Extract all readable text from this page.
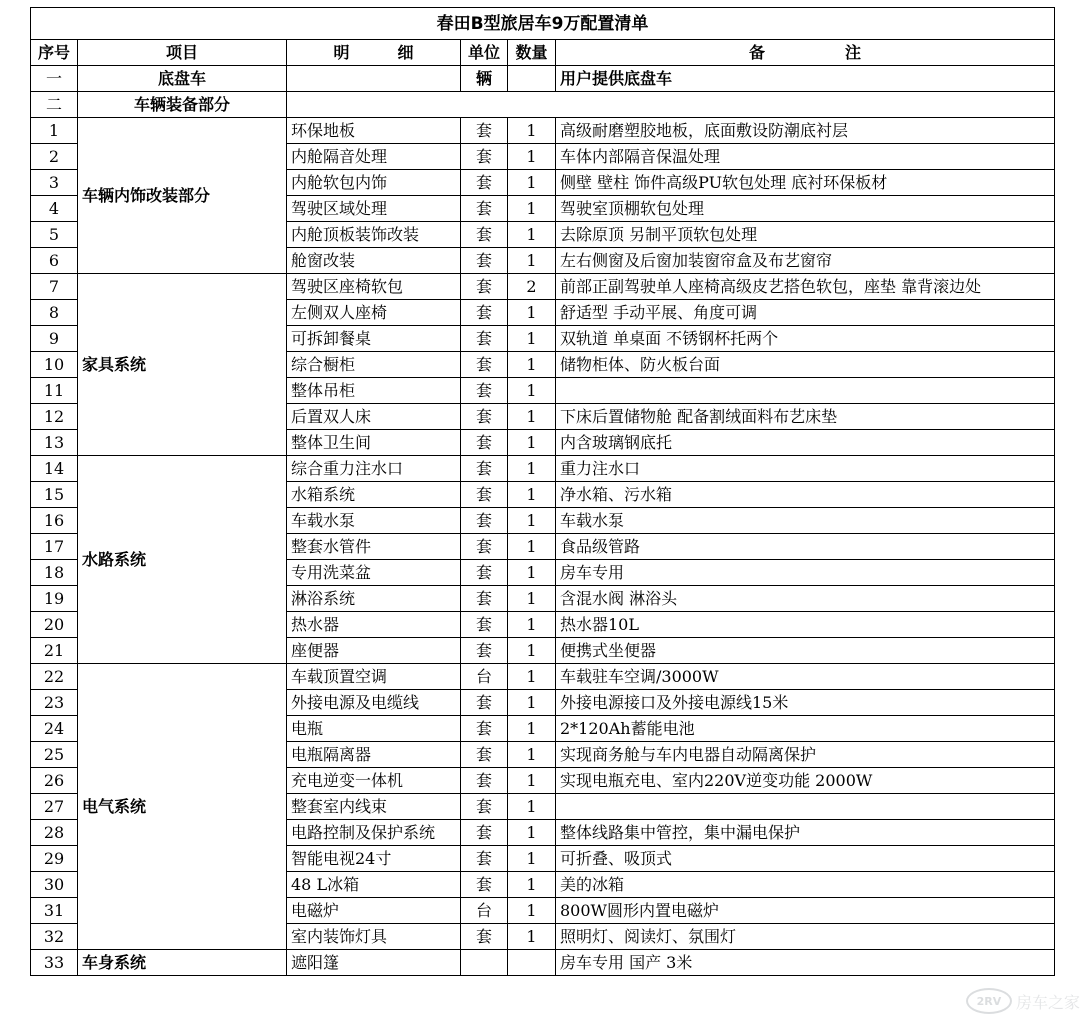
春田B型旅居车9万配置清单					
序号	项目	明　　　细	单位	数量	备　　　　　注
一	底盘车		辆		用户提供底盘车
二	车辆装备部分				
1	车辆内饰改装部分	环保地板	套	1	高级耐磨塑胶地板，底面敷设防潮底衬层
2		内舱隔音处理	套	1	车体内部隔音保温处理
3		内舱软包内饰	套	1	侧壁 壁柱 饰件高级PU软包处理 底衬环保板材
4		驾驶区域处理	套	1	驾驶室顶棚软包处理
5		内舱顶板装饰改装	套	1	去除原顶 另制平顶软包处理
6		舱窗改装	套	1	左右侧窗及后窗加装窗帘盒及布艺窗帘
7	家具系统	驾驶区座椅软包	套	2	前部正副驾驶单人座椅高级皮艺搭色软包，座垫 靠背滚边处
8		左侧双人座椅	套	1	舒适型 手动平展、角度可调
9		可拆卸餐桌	套	1	双轨道 单桌面 不锈钢杯托两个
10		综合橱柜	套	1	储物柜体、防火板台面
11		整体吊柜	套	1	
12		后置双人床	套	1	下床后置储物舱 配备割绒面料布艺床垫
13		整体卫生间	套	1	内含玻璃钢底托
14	水路系统	综合重力注水口	套	1	重力注水口
15		水箱系统	套	1	净水箱、污水箱
16		车载水泵	套	1	车载水泵
17		整套水管件	套	1	食品级管路
18		专用洗菜盆	套	1	房车专用
19		淋浴系统	套	1	含混水阀 淋浴头
20		热水器	套	1	热水器10L
21		座便器	套	1	便携式坐便器
22	电气系统	车载顶置空调	台	1	车载驻车空调/3000W
23		外接电源及电缆线	套	1	外接电源接口及外接电源线15米
24		电瓶	套	1	2*120Ah蓄能电池
25		电瓶隔离器	套	1	实现商务舱与车内电器自动隔离保护
26		充电逆变一体机	套	1	实现电瓶充电、室内220V逆变功能 2000W
27		整套室内线束	套	1	
28		电路控制及保护系统	套	1	整体线路集中管控，集中漏电保护
29		智能电视24寸	套	1	可折叠、吸顶式
30		48 L冰箱	套	1	美的冰箱
31		电磁炉	台	1	800W圆形内置电磁炉
32		室内装饰灯具	套	1	照明灯、阅读灯、氛围灯
33	车身系统	遮阳篷			房车专用 国产 3米
2RV 房车之家
